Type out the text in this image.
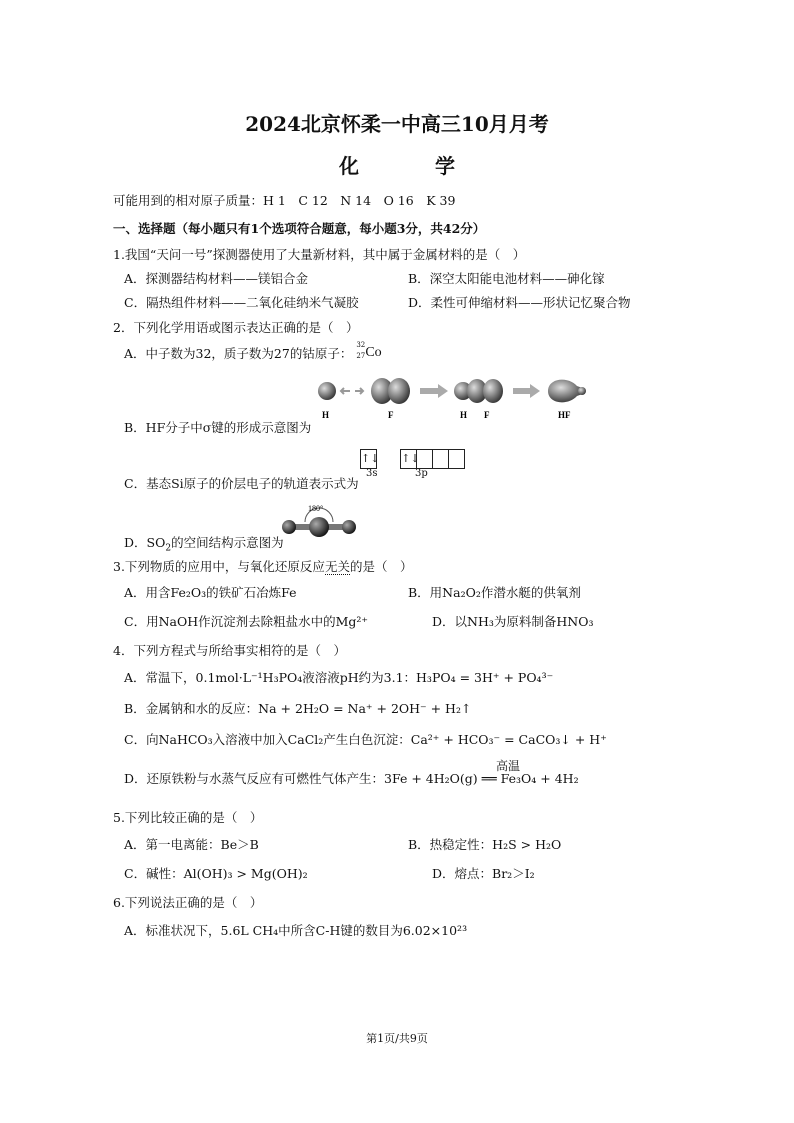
2024北京怀柔一中高三10月月考
化　学
可能用到的相对原子质量：H 1　C 12　N 14　O 16　K 39
一、选择题（每小题只有1个选项符合题意，每小题3分，共42分）
1.我国“天问一号”探测器使用了大量新材料，其中属于金属材料的是（　）
A．探测器结构材料——镁铝合金	B．深空太阳能电池材料——砷化镓
C．隔热组件材料——二氧化硅纳米气凝胶	D．柔性可伸缩材料——形状记忆聚合物
2．下列化学用语或图示表达正确的是（　）
A．中子数为32，质子数为27的钴原子：
32
27 Co
H	F	H F	HF
B．HF分子中σ键的形成示意图为
↑↓ ↑↓
3s	3p
C．基态Si原子的价层电子的轨道表示式为
180°
D．$SO_2$的空间结构示意图为
3.下列物质的应用中，与氧化还原反应无关的是（　）
A．用含Fe₂O₃的铁矿石冶炼Fe	B．用Na₂O₂作潜水艇的供氧剂
C．用NaOH作沉淀剂去除粗盐水中的Mg²⁺	D．以NH₃为原料制备HNO₃
4．下列方程式与所给事实相符的是（　）
A．常温下，0.1mol·L⁻¹H₃PO₄液溶液pH约为3.1：H₃PO₄ = 3H⁺ + PO₄³⁻
B．金属钠和水的反应：Na + 2H₂O = Na⁺ + 2OH⁻ + H₂↑
C．向NaHCO₃入溶液中加入CaCl₂产生白色沉淀：Ca²⁺ + HCO₃⁻ = CaCO₃↓ + H⁺
高温
D．还原铁粉与水蒸气反应有可燃性气体产生：3Fe + 4H₂O(g) ══ Fe₃O₄ + 4H₂
5.下列比较正确的是（　）
A．第一电离能：Be＞B	B．热稳定性：H₂S > H₂O
C．碱性：Al(OH)₃ > Mg(OH)₂	D．熔点：Br₂＞I₂
6.下列说法正确的是（　）
A．标准状况下，5.6L CH₄中所含C-H键的数目为6.02×10²³
第1页/共9页
